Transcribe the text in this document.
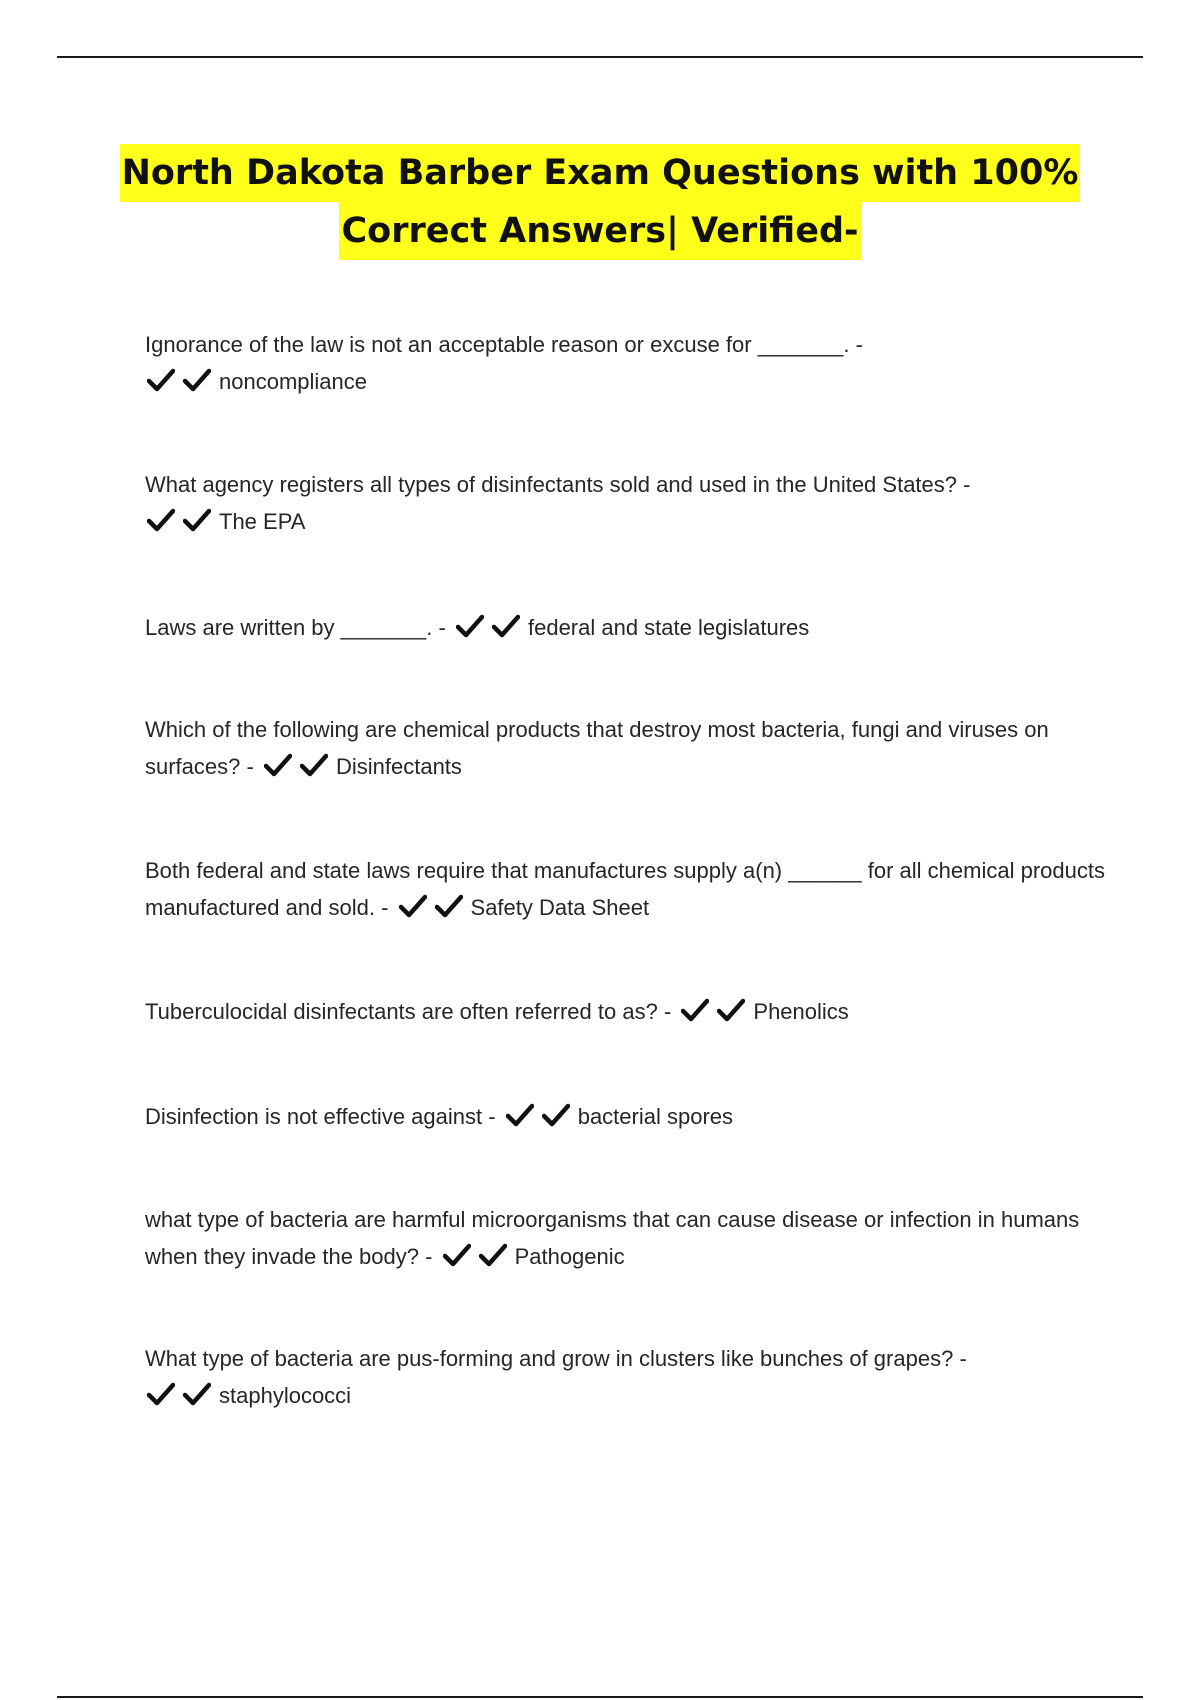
North Dakota Barber Exam Questions with 100%
Correct Answers| Verified-
Ignorance of the law is not an acceptable reason or excuse for _______. -

noncompliance
What agency registers all types of disinfectants sold and used in the United States? -

The EPA
Laws are written by _______. -	federal and state legislatures
Which of the following are chemical products that destroy most bacteria, fungi and viruses on surfaces? -	Disinfectants
Both federal and state laws require that manufactures supply a(n) ______ for all chemical products manufactured and sold. -	Safety Data Sheet
Tuberculocidal disinfectants are often referred to as? -	Phenolics
Disinfection is not effective against -	bacterial spores
what type of bacteria are harmful microorganisms that can cause disease or infection in humans when they invade the body? -	Pathogenic
What type of bacteria are pus-forming and grow in clusters like bunches of grapes? -

staphylococci
